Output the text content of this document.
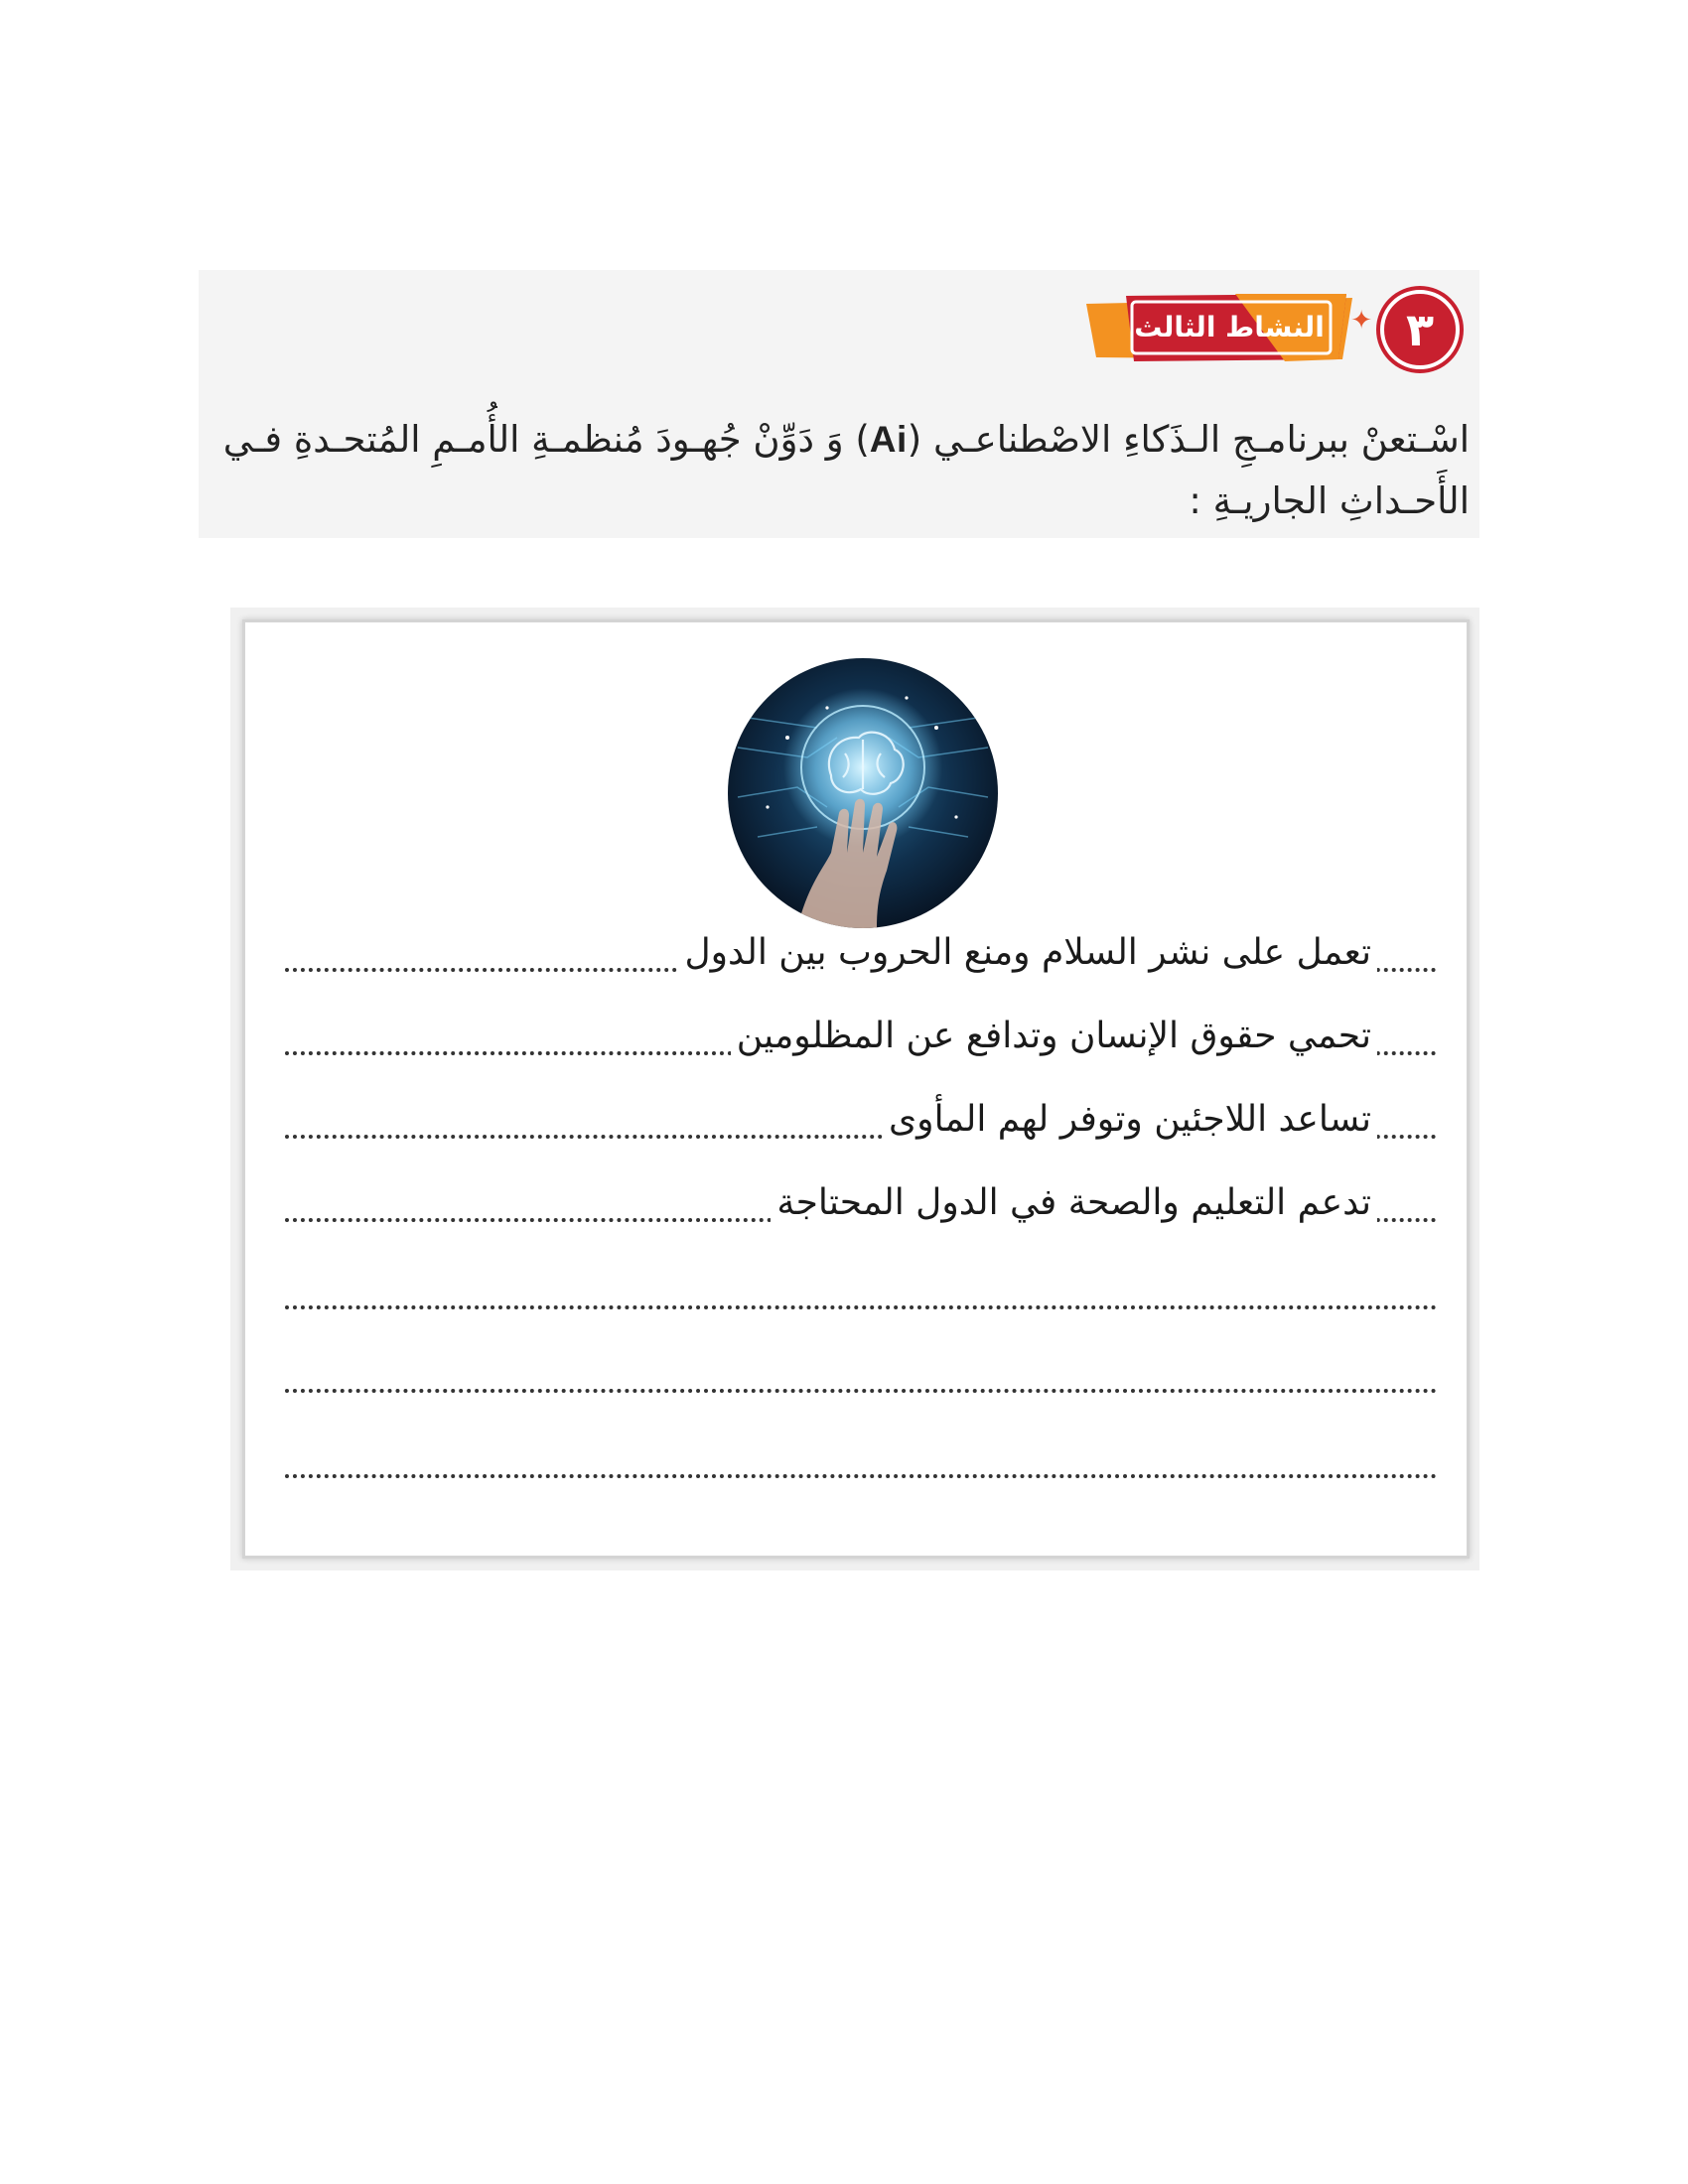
٣
✦
النشاط الثالث

اسْـتعنْ ببرنامـجِ الـذَكاءِ الاصْطناعـي (Ai) وَ دَوِّنْ جُهـودَ مُنظمـةِ الأُمـمِ المُتحـدةِ فـي الأَحـداثِ الجاريـةِ :

تعمل على نشر السلام ومنع الحروب بين الدول
تحمي حقوق الإنسان وتدافع عن المظلومين
تساعد اللاجئين وتوفر لهم المأوى
تدعم التعليم والصحة في الدول المحتاجة
